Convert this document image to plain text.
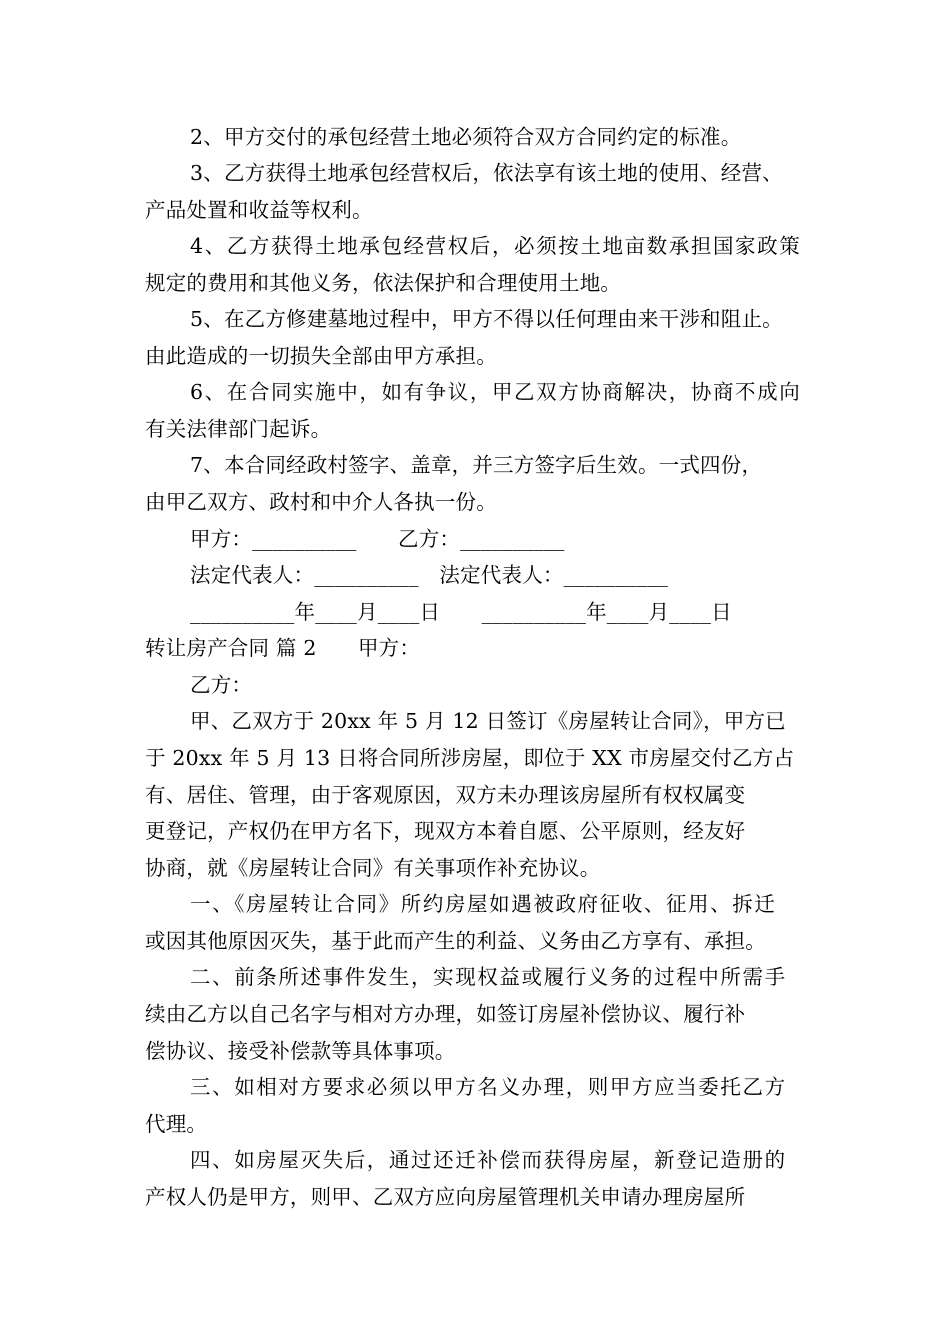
2、甲方交付的承包经营土地必须符合双方合同约定的标准。
3、乙方获得土地承包经营权后，依法享有该土地的使用、经营、
产品处置和收益等权利。
4、乙方获得土地承包经营权后，必须按土地亩数承担国家政策
规定的费用和其他义务，依法保护和合理使用土地。
5、在乙方修建墓地过程中，甲方不得以任何理由来干涉和阻止。
由此造成的一切损失全部由甲方承担。
6、在合同实施中，如有争议，甲乙双方协商解决，协商不成向
有关法律部门起诉。
7、本合同经政村签字、盖章，并三方签字后生效。一式四份，
由甲乙双方、政村和中介人各执一份。
甲方：__________　　乙方：__________
法定代表人：__________　法定代表人：__________
__________年____月____日　　__________年____月____日
转让房产合同 篇 2　　甲方：
乙方：
甲、乙双方于 20xx 年 5 月 12 日签订《房屋转让合同》，甲方已
于 20xx 年 5 月 13 日将合同所涉房屋，即位于 XX 市房屋交付乙方占
有、居住、管理，由于客观原因，双方未办理该房屋所有权权属变
更登记，产权仍在甲方名下，现双方本着自愿、公平原则，经友好
协商，就《房屋转让合同》有关事项作补充协议。
一、《房屋转让合同》所约房屋如遇被政府征收、征用、拆迁
或因其他原因灭失，基于此而产生的利益、义务由乙方享有、承担。
二、前条所述事件发生，实现权益或履行义务的过程中所需手
续由乙方以自己名字与相对方办理，如签订房屋补偿协议、履行补
偿协议、接受补偿款等具体事项。
三、如相对方要求必须以甲方名义办理，则甲方应当委托乙方
代理。
四、如房屋灭失后，通过还迁补偿而获得房屋，新登记造册的
产权人仍是甲方，则甲、乙双方应向房屋管理机关申请办理房屋所
